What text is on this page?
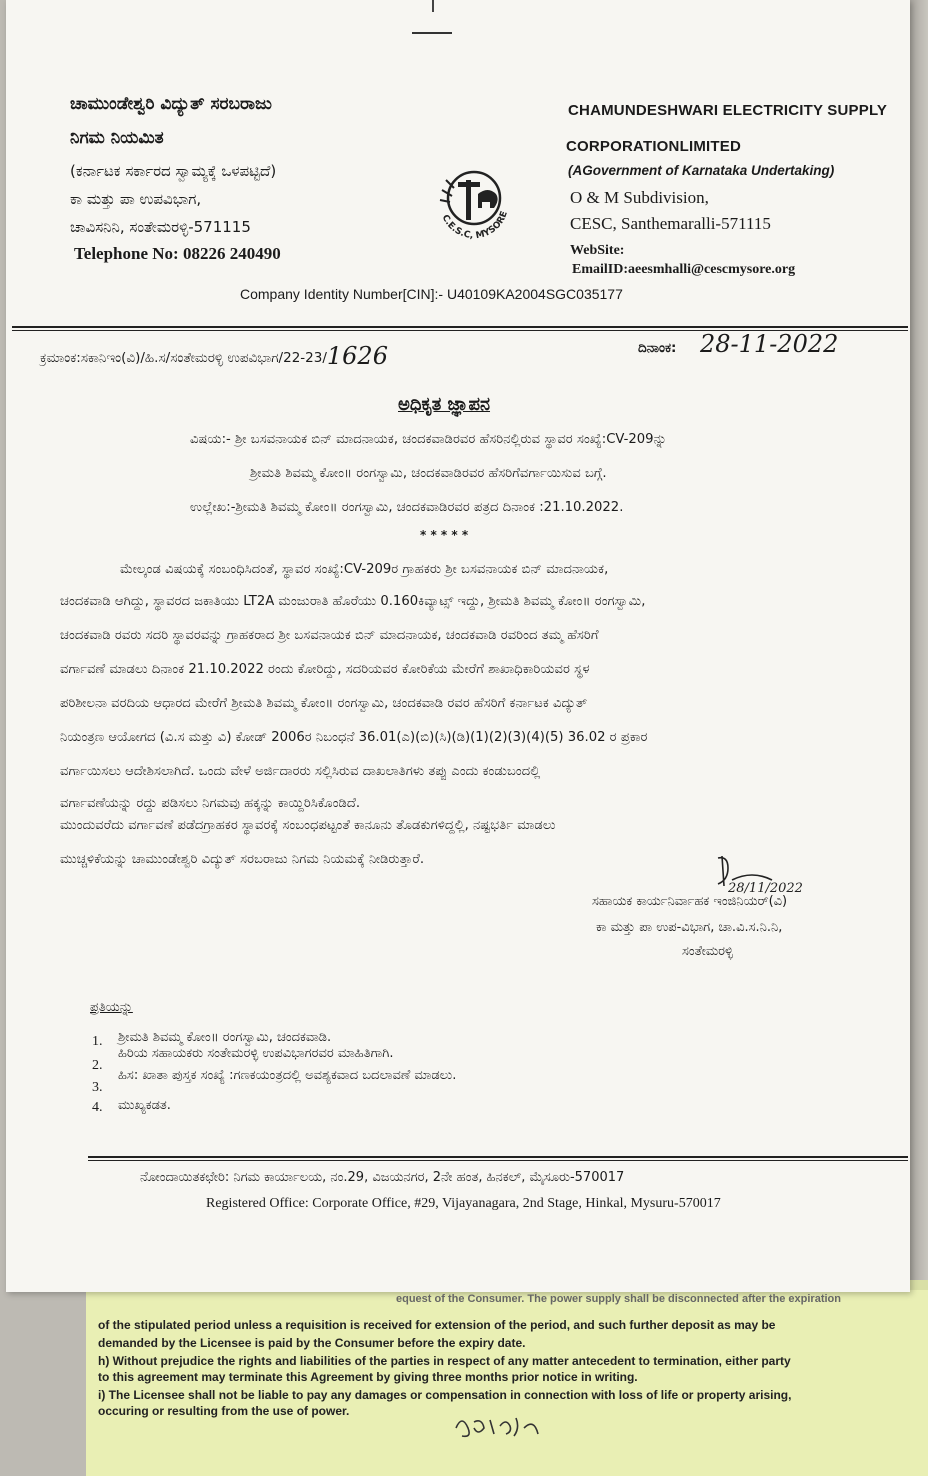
ಚಾಮುಂಡೇಶ್ವರಿ ವಿದ್ಯುತ್ ಸರಬರಾಜು
ನಿಗಮ ನಿಯಮಿತ
(ಕರ್ನಾಟಕ ಸರ್ಕಾರದ ಸ್ವಾಮ್ಯಕ್ಕೆ ಒಳಪಟ್ಟಿದೆ)
ಕಾ ಮತ್ತು ಪಾ ಉಪವಿಭಾಗ,
ಚಾವಿಸನಿನಿ, ಸಂತೇಮರಳ್ಳಿ-571115
Telephone No: 08226 240490
C.E.S.C, MYSORE
CHAMUNDESHWARI ELECTRICITY SUPPLY
CORPORATIONLIMITED
(AGovernment of Karnataka Undertaking)
O & M Subdivision,
CESC, Santhemaralli-571115
WebSite:
EmailID:aeesmhalli@cescmysore.org
Company Identity Number[CIN]:- U40109KA2004SGC035177
ಕ್ರಮಾಂಕ:ಸಕಾನಿಇಂ(ವಿ)/ಹಿ.ಸ/ಸಂತೇಮರಳ್ಳಿ ಉಪವಿಭಾಗ/22-23/1626	ದಿನಾಂಕ: 28-11-2022
ಅಧಿಕೃತ ಜ್ಞಾಪನ
ವಿಷಯ:- ಶ್ರೀ ಬಸವನಾಯಕ ಬಿನ್ ಮಾದನಾಯಕ, ಚಂದಕವಾಡಿರವರ ಹೆಸರಿನಲ್ಲಿರುವ ಸ್ಥಾವರ ಸಂಖ್ಯೆ:CV-209ನ್ನು
ಶ್ರೀಮತಿ ಶಿವಮ್ಮ ಕೋಂ॥ ರಂಗಸ್ವಾಮಿ, ಚಂದಕವಾಡಿರವರ ಹೆಸರಿಗೆವರ್ಗಾಯಿಸುವ ಬಗ್ಗೆ.
ಉಲ್ಲೇಖ:-ಶ್ರೀಮತಿ ಶಿವಮ್ಮ ಕೋಂ॥ ರಂಗಸ್ವಾಮಿ, ಚಂದಕವಾಡಿರವರ ಪತ್ರದ ದಿನಾಂಕ :21.10.2022.
* * * * *
ಮೇಲ್ಕಂಡ ವಿಷಯಕ್ಕೆ ಸಂಬಂಧಿಸಿದಂತೆ, ಸ್ಥಾವರ ಸಂಖ್ಯೆ:CV-209ರ ಗ್ರಾಹಕರು ಶ್ರೀ ಬಸವನಾಯಕ ಬಿನ್ ಮಾದನಾಯಕ,
ಚಂದಕವಾಡಿ ಆಗಿದ್ದು, ಸ್ಥಾವರದ ಜಕಾತಿಯು LT2A ಮಂಜುರಾತಿ ಹೊರೆಯು 0.160ಕಿವ್ಯಾಟ್ಸ್ ಇದ್ದು, ಶ್ರೀಮತಿ ಶಿವಮ್ಮ ಕೋಂ॥ ರಂಗಸ್ವಾಮಿ,
ಚಂದಕವಾಡಿ ರವರು ಸದರಿ ಸ್ಥಾವರವನ್ನು ಗ್ರಾಹಕರಾದ ಶ್ರೀ ಬಸವನಾಯಕ ಬಿನ್ ಮಾದನಾಯಕ, ಚಂದಕವಾಡಿ ರವರಿಂದ ತಮ್ಮ ಹೆಸರಿಗೆ
ವರ್ಗಾವಣೆ ಮಾಡಲು ದಿನಾಂಕ 21.10.2022 ರಂದು ಕೋರಿದ್ದು, ಸದರಿಯವರ ಕೋರಿಕೆಯ ಮೇರೆಗೆ ಶಾಖಾಧಿಕಾರಿಯವರ ಸ್ಥಳ
ಪರಿಶೀಲನಾ ವರದಿಯ ಆಧಾರದ ಮೇರೆಗೆ ಶ್ರೀಮತಿ ಶಿವಮ್ಮ ಕೋಂ॥ ರಂಗಸ್ವಾಮಿ, ಚಂದಕವಾಡಿ ರವರ ಹೆಸರಿಗೆ ಕರ್ನಾಟಕ ವಿದ್ಯುತ್
ನಿಯಂತ್ರಣ ಆಯೋಗದ (ವಿ.ಸ ಮತ್ತು ವಿ) ಕೋಡ್ 2006ರ ನಿಬಂಧನೆ 36.01(ಎ)(ಬಿ)(ಸಿ)(ಡಿ)(1)(2)(3)(4)(5) 36.02 ರ ಪ್ರಕಾರ
ವರ್ಗಾಯಿಸಲು ಆದೇಶಿಸಲಾಗಿದೆ. ಒಂದು ವೇಳೆ ಅರ್ಜಿದಾರರು ಸಲ್ಲಿಸಿರುವ ದಾಖಲಾತಿಗಳು ತಪ್ಪು ಎಂದು ಕಂಡುಬಂದಲ್ಲಿ
ವರ್ಗಾವಣೆಯನ್ನು ರದ್ದು ಪಡಿಸಲು ನಿಗಮವು ಹಕ್ಕನ್ನು ಕಾಯ್ದಿರಿಸಿಕೊಂಡಿದೆ.
ಮುಂದುವರೆದು ವರ್ಗಾವಣೆ ಪಡೆದಗ್ರಾಹಕರ ಸ್ಥಾವರಕ್ಕೆ ಸಂಬಂಧಪಟ್ಟಂತೆ ಕಾನೂನು ತೊಡಕುಗಳಿದ್ದಲ್ಲಿ, ನಷ್ಟಭರ್ತಿ ಮಾಡಲು
ಮುಚ್ಚಳಿಕೆಯನ್ನು ಚಾಮುಂಡೇಶ್ವರಿ ವಿದ್ಯುತ್ ಸರಬರಾಜು ನಿಗಮ ನಿಯಮಕ್ಕೆ ನೀಡಿರುತ್ತಾರೆ.
28/11/2022
ಸಹಾಯಕ ಕಾರ್ಯನಿರ್ವಾಹಕ ಇಂಜಿನಿಯರ್(ವಿ)
ಕಾ ಮತ್ತು ಪಾ ಉಪ-ವಿಭಾಗ, ಚಾ.ವಿ.ಸ.ನಿ.ನಿ,
ಸಂತೇಮರಳ್ಳಿ
ಪ್ರತಿಯನ್ನು
1. ಶ್ರೀಮತಿ ಶಿವಮ್ಮ ಕೋಂ॥ ರಂಗಸ್ವಾಮಿ, ಚಂದಕವಾಡಿ.
2.
ಹಿರಿಯ ಸಹಾಯಕರು ಸಂತೇಮರಳ್ಳಿ ಉಪವಿಭಾಗರವರ ಮಾಹಿತಿಗಾಗಿ.
3.
ಹಿಸ: ಖಾತಾ ಪುಸ್ತಕ ಸಂಖ್ಯೆ :ಗಣಕಯಂತ್ರದಲ್ಲಿ ಅವಶ್ಯಕವಾದ ಬದಲಾವಣೆ ಮಾಡಲು.
4. ಮುಖ್ಯಕಡತ.
ನೋಂದಾಯಿತಕಛೇರಿ: ನಿಗಮ ಕಾರ್ಯಾಲಯ, ನಂ.29, ವಿಜಯನಗರ, 2ನೇ ಹಂತ, ಹಿನಕಲ್, ಮೈಸೂರು-570017
Registered Office: Corporate Office, #29, Vijayanagara, 2nd Stage, Hinkal, Mysuru-570017
equest of the Consumer. The power supply shall be disconnected after the expiration
of the stipulated period unless a requisition is received for extension of the period, and such further deposit as may be
demanded by the Licensee is paid by the Consumer before the expiry date.
h) Without prejudice the rights and liabilities of the parties in respect of any matter antecedent to termination, either party
to this agreement may terminate this Agreement by giving three months prior notice in writing.
i) The Licensee shall not be liable to pay any damages or compensation in connection with loss of life or property arising,
occuring or resulting from the use of power.
